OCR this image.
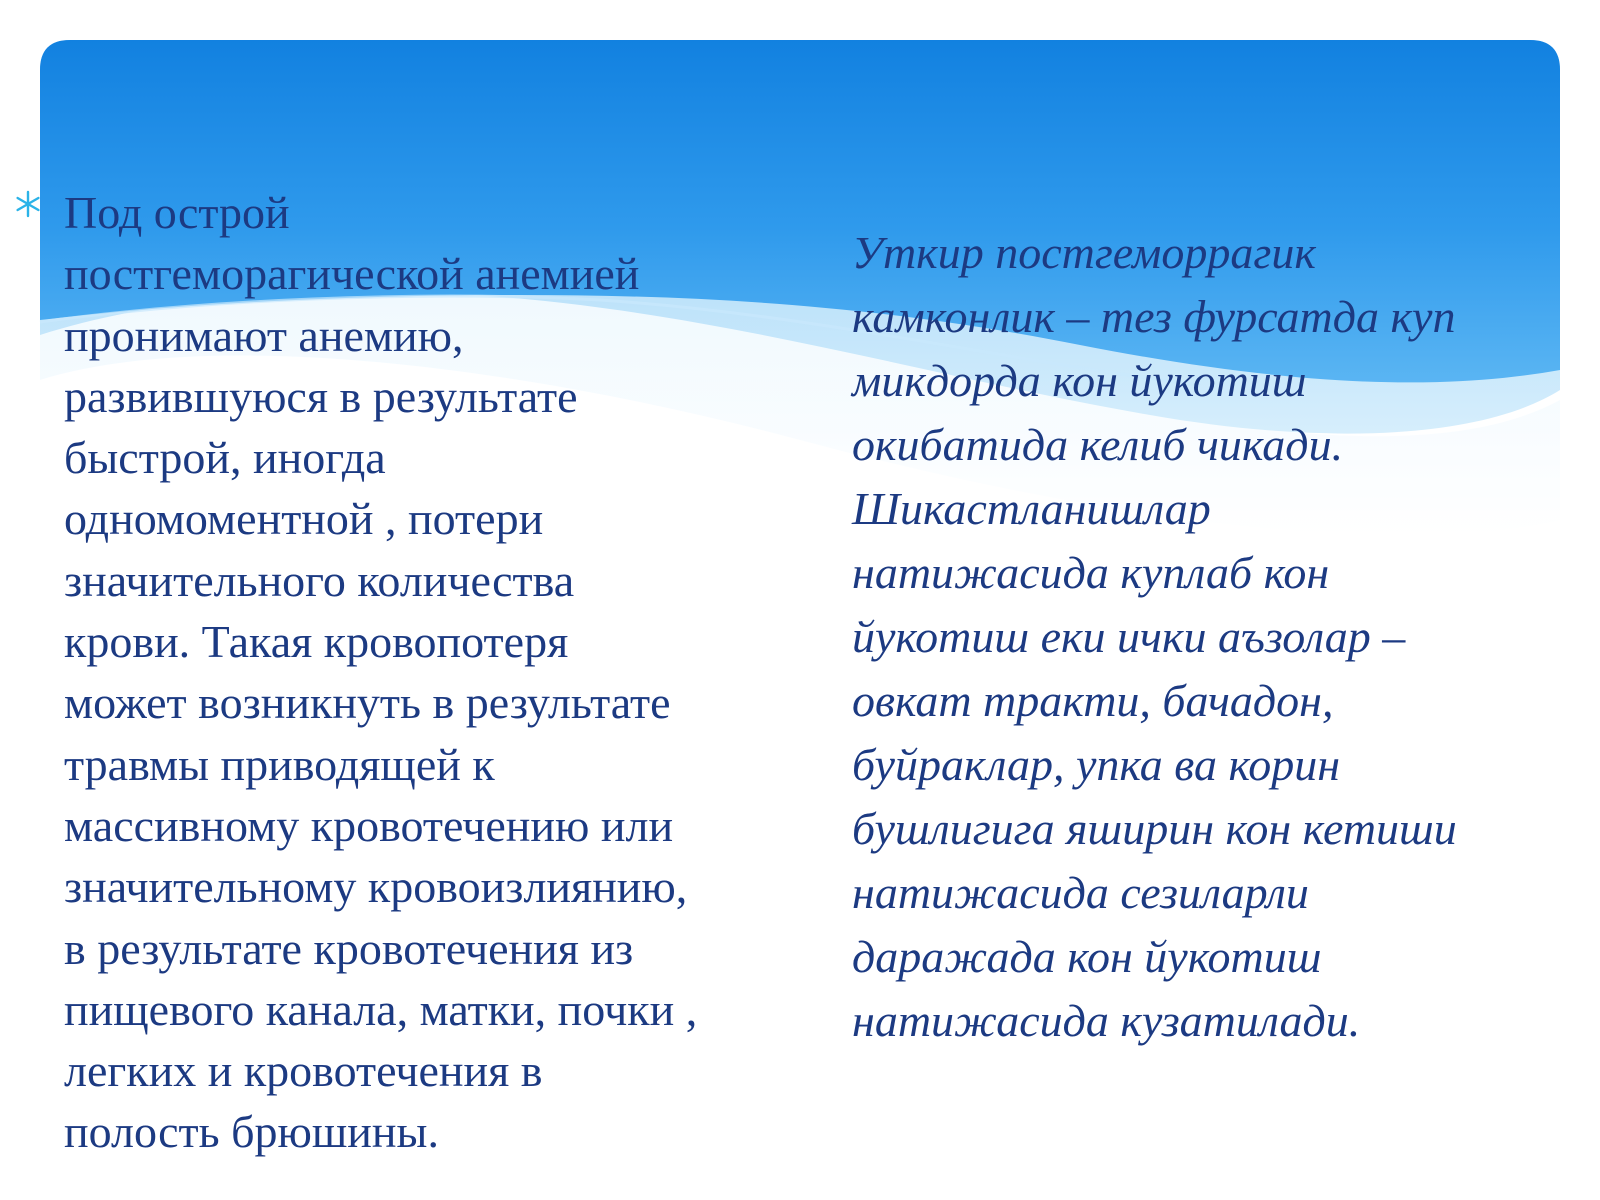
Под острой
постгеморагической анемией
пронимают анемию,
развившуюся в результате
быстрой, иногда
одномоментной , потери
значительного количества
крови. Такая кровопотеря
может возникнуть в результате
травмы приводящей к
массивному кровотечению или
значительному кровоизлиянию,
в результате кровотечения из
пищевого канала, матки, почки ,
легких и кровотечения в
полость брюшины.

Уткир постгеморрагик
камконлик – тез фурсатда куп
микдорда кон йукотиш
окибатида келиб чикади.
Шикастланишлар
натижасида куплаб кон
йукотиш еки ички аъзолар –
овкат тракти, бачадон,
буйраклар, упка ва корин
бушлигига яширин кон кетиши
натижасида сезиларли
даражада кон йукотиш
натижасида кузатилади.
